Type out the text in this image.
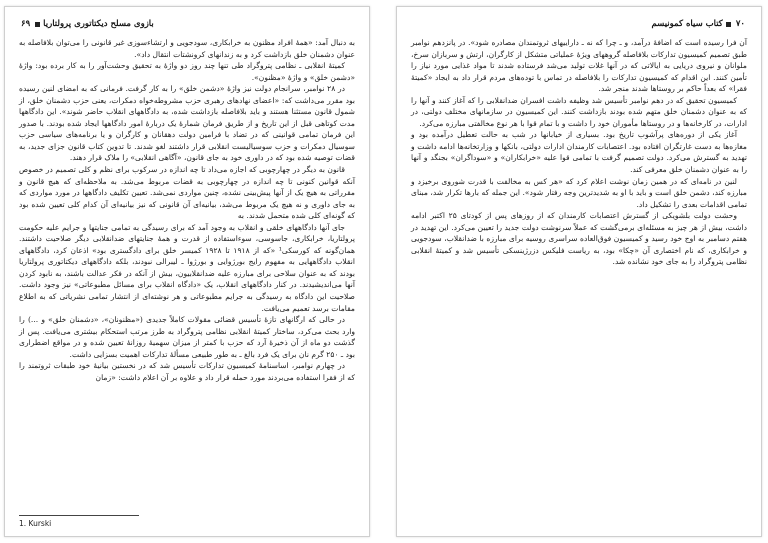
بازوی مسلح دیکتاتوری پرولتاریا
۶۹

به دنبال آمد: «همهٔ افراد مظنون به خرابکاری، سودجویی و ارتشاءسوزی غیر قانونی را می‌توان بلافاصله به عنوان دشمنان خلق بازداشت کرد و به زندانهای کرونشتات انتقال داد».

کمیتهٔ انقلابی ـ نظامی پتروگراد طی تنها چند روز دو واژهٔ به تحقیق وحشت‌آور را به کار برده بود: واژهٔ «دشمن خلق» و واژهٔ «مظنون».

در ۲۸ نوامبر، سرانجام دولت نیز واژهٔ «دشمن خلق» را به کار گرفت. فرمانی که به امضای لنین رسیده بود مقرر می‌داشت که: «اعضای نهادهای رهبری حزب مشروطه‌خواه دمکرات، یعنی حزب دشمنان خلق، از شمول قانون مستثنا هستند و باید بلافاصله بازداشت شده، به دادگاههای انقلاب حاضر شوند». این دادگاهها مدت کوتاهی قبل از این تاریخ و از طریق فرمان شمارهٔ یک دربارهٔ امور دادگاهها ایجاد شده بودند. با صدور این فرمان تمامی قوانینی که در تضاد با فرامین دولت دهقانان و کارگران و یا برنامه‌های سیاسی حزب سوسیال دمکرات و حزب سوسیالیست انقلابی قرار داشتند لغو شدند. تا تدوین کتاب قانون جزای جدید، به قضات توصیه شده بود که در داوری خود به جای قانون، «آگاهی انقلابی» را ملاک قرار دهند.

قانون به دیگر در چهارچوبی که اجازه می‌داد تا چه اندازه در سرکوب برای نظم و کلی تصمیم در خصوص آنکه قوانین کنونی تا چه اندازه در چهارچوبی به قضات مربوط می‌شد. به ملاحظه‌ای که هیچ قانون و مقرراتی به هیچ یک از آنها پیش‌بینی نشده، چنین مواردی نمی‌شد. تعیین تکلیف دادگاهها در مورد مواردی که به جای داوری و نه هیچ یک مربوط می‌شد، بیانیه‌ای آن قانونی که نیز بیانیه‌ای آن کدام کلی تعیین شده بود که گونه‌ای کلی شده متحمل شدند. به

جای آنها دادگاههای خلقی و انقلاب به وجود آمد که برای رسیدگی به تمامی جنایتها و جرایم علیه حکومت پرولتاریا، خرابکاری، جاسوسی، سوءاستفاده از قدرت و همهٔ جنایتهای ضدانقلابی دیگر صلاحیت داشتند. همان‌گونه که کورسکی¹ «که از ۱۹۱۸ تا ۱۹۲۸ کمیسر خلق برای دادگستری بود» اذعان کرد، دادگاههای انقلاب دادگاههایی به مفهوم رایج بورژوایی و بورژوا ـ لیبرالی نبودند، بلکه دادگاههای دیکتاتوری پرولتاریا بودند که به عنوان سلاحی برای مبارزه علیه ضدانقلابیون، بیش از آنکه در فکر عدالت باشند، به نابود کردن آنها می‌اندیشیدند. در کنار دادگاههای انقلاب، یک «دادگاه انقلاب برای مسائل مطبوعاتی» نیز وجود داشت. صلاحیت این دادگاه به رسیدگی به جرایم مطبوعاتی و هر نوشته‌ای از انتشار تمامی نشریاتی که به اطلاع مقامات برسد تعمیم می‌یافت.

در حالی که ارگانهای تازهٔ تأسیس قضائی مقولات کاملاً جدیدی («مظنونان»، «دشمنان خلق» و ...) را وارد بحث می‌کرد، ساختار کمیتهٔ انقلابی نظامی پتروگراد به طرز مرتب استحکام بیشتری می‌یافت. پس از گذشت دو ماه از آن ذخیرهٔ آرد که حزب با کمتر از میزان سهمیهٔ روزانهٔ تعیین شده و در مواقع اضطراری بود ـ ۲۵۰ گرم نان برای یک فرد بالغ ـ به طور طبیعی مسألهٔ تدارکات اهمیت بسزایی داشت.

در چهارم نوامبر، اساسنامهٔ کمیسیون تدارکات تأسیس شد که در نخستین بیانیهٔ خود طبقات ثروتمند را که از فقرا استفاده می‌بردند مورد حمله قرار داد و علاوه بر آن اعلام داشت: «زمان

1. Kurski
۷۰
کتاب سیاه کمونیسم

آن فرا رسیده است که اضافهٔ درآمد، و ـ چرا که نه ـ داراییهای ثروتمندان مصادره شود». در پانزدهم نوامبر طبق تصمیم کمیسیون تدارکات بلافاصله گروههای ویژهٔ عملیاتی متشکل از کارگران، ارتش و سربازان سرخ، ملوانان و نیروی دریایی به ایالاتی که در آنها غلات تولید می‌شد فرستاده شدند تا مواد غذایی مورد نیاز را تأمین کنند. این اقدام که کمیسیون تدارکات را بلافاصله در تماس با توده‌های مردم قرار داد به ایجاد «کمیتهٔ فقرا» که بعداً حاکم بر روستاها شدند منجر شد.

کمیسیون تحقیق که در دهم نوامبر تأسیس شد وظیفه داشت افسران ضدانقلابی را که آغاز کنند و آنها را که به عنوان دشمنان خلق متهم شده بودند بازداشت کنند. این کمیسیون در سازمانهای مختلف دولتی، در ادارات، در کارخانه‌ها و در روستاها مأموران خود را داشت و با تمام قوا با هر نوع مخالفتی مبارزه می‌کرد.

آغاز یکی از دوره‌های پرآشوب تاریخ بود. بسیاری از خیابانها در شب به حالت تعطیل درآمده بود و مغازه‌ها به دست غارتگران افتاده بود. اعتصابات کارمندان ادارات دولتی، بانکها و وزارتخانه‌ها ادامه داشت و تهدید به گسترش می‌کرد. دولت تصمیم گرفت با تمامی قوا علیه «خرابکاران» و «سوداگران» بجنگد و آنها را به عنوان دشمنان خلق معرفی کند.

لنین در نامه‌ای که در همین زمان نوشت اعلام کرد که «هر کس به مخالفت با قدرت شوروی برخیزد و مبارزه کند، دشمن خلق است و باید با او به شدیدترین وجه رفتار شود». این جمله که بارها تکرار شد، مبنای تمامی اقدامات بعدی را تشکیل داد.

وحشت دولت بلشویکی از گسترش اعتصابات کارمندان که از روزهای پس از کودتای ۲۵ اکتبر ادامه داشت، بیش از هر چیز به مسئله‌ای برمی‌گشت که عملاً سرنوشت دولت جدید را تعیین می‌کرد. این تهدید در هفتم دسامبر به اوج خود رسید و کمیسیون فوق‌العاده سراسری روسیه برای مبارزه با ضدانقلاب، سودجویی و خرابکاری، که نام اختصاری آن «چکا» بود، به ریاست فلیکس دزرژینسکی تأسیس شد و کمیتهٔ انقلابی نظامی پتروگراد را به جای خود نشانده شد.
